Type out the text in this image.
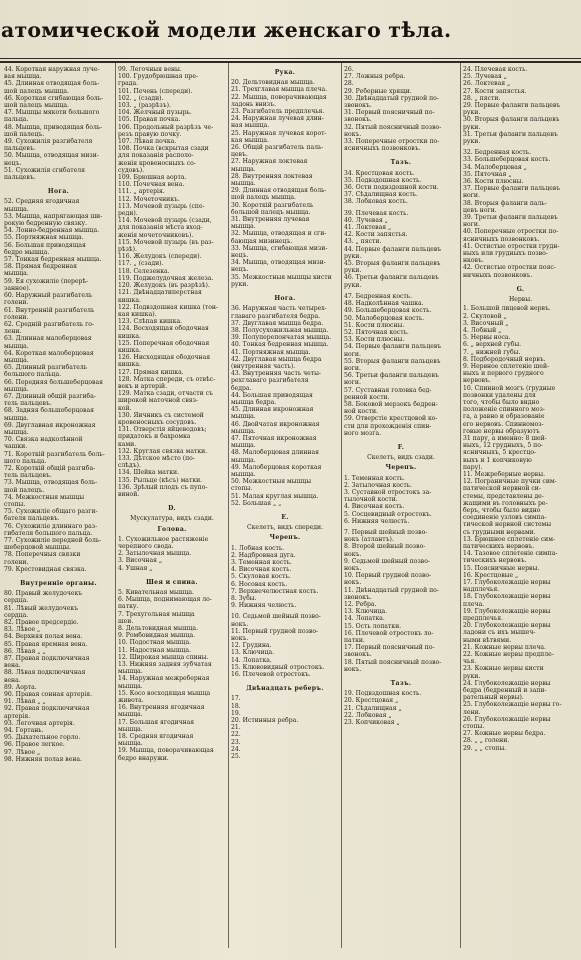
атомической модели женскаго тѣла.
44. Короткая наружная луче-
вая мышца.
45. Длинная отводящая боль-
шой палецъ мышца.
46. Короткая сгибающая боль-
шой палецъ мышца.
47. Мышцы мякоти большого
пальца.
48. Мышца, приводящая боль-
шой палецъ.
49. Сухожилія разгибателя
пальцевъ.
50. Мышца, отводящая мизи-
нецъ.
51. Сухожилія сгибателя
пальцевъ.
Нога.
52. Средняя ягодичная
мышца.
53. Мышца, напрягающая ши-
рокую бедренную связку.
54. Лонно-бедренная мышца.
55. Портняжная мышца.
56. Большая приводящая
бедро мышца.
57. Тонкая бедренная мышца.
58. Прямая бедренная
мышца.
59. Ея сухожиліе (перерѣ-
занное).
60. Наружный разгибатель
голени.
61. Внутренній разгибатель
голени.
62. Средній разгибатель го-
лени.
63. Длинная малоберцовая
мышца.
64. Короткая малоберцовая
мышца.
65. Длинный разгибатель
большого пальца.
66. Передняя большеберцовая
мышца.
67. Длинный общій разгиба-
тель пальцевъ.
68. Задняя большеберцовая
мышца.
69. Двуглавная икроножная
мышца.
70. Связка надколѣнной
чашки.
71. Короткій разгибатель боль-
шого пальца.
72. Короткій общій разгиба-
тель пальцевъ.
73. Мышца, отводящая боль-
шой палецъ.
74. Межкостныя мышцы
стопы.
75. Сухожиліе общаго разги-
бателя пальцевъ.
76. Сухожиліе длиннаго раз-
гибателя большого пальца.
77. Сухожиліе передней боль-
шеберцовой мышцы.
78. Поперечныя связки
голени.
79. Крестовидная связка.
Внутренніе органы.
80. Правый желудочекъ
сердца.
81. Лѣвый желудочекъ
сердца.
82. Правое предсердіе.
83. Лѣвое „
84. Верхняя полая вена.
85. Правая ярємная вена.
86. Лѣвая „ „
87. Правая подключичная
вена.
88. Лѣвая подключичная
вена.
89. Аорта.
90. Правая сонная артерія.
91. Лѣвая „ „
92. Правая подключичная
артерія.
93. Легочная артерія.
94. Гортань.
95. Дыхательное горло.
96. Правое легкое.
97. Лѣвое „
98. Нижняя полая вена.
99. Легочныя вены.
100. Грудобрюшная пре-
града.
101. Печень (спереди).
102. „ (сзади).
103. „ (разрѣзъ).
104. Желчный пузырь.
105. Правая почка.
106. Продольный разрѣзъ че-
резъ правую почку.
107. Лѣвая почка.
108. Почка (вскрытая сзади
для показанія располо-
женія кровеносныхъ со-
судовъ).
109. Брюшная аорта.
110. Почечная вена.
111. „ артерія.
112. Мочеточникъ.
113. Мочевой пузырь (спе-
реди).
114. Мочевой пузырь (сзади,
для показанія мѣста вход-
женія мочеточниковъ).
115. Мочевой пузырь (въ раз-
рѣзѣ).
116. Желудокъ (спереди).
117. „ (сзади).
118. Селезенка.
119. Поджелудочная железа.
120. Желудокъ (въ разрѣзѣ).
121. Двѣнадцатиперстная
кишка.
122. Подвздошная кишка (тон-
кая кишка).
123. Слѣпая кишка.
124. Восходящая ободочная
кишка.
125. Поперечная ободочная
кишка.
126. Нисходящая ободочная
кишка.
127. Прямая кишка.
128. Матка спереди, съ отвѣс-
векъ и артерій.
129. Матка сзади, отчасти съ
широкой маточной связ-
кой.
130. Яичникъ съ системой
кровеносныхъ сосудовъ.
131. Отверстія яйцеводовъ;
придатокъ и бахромка
ками.
132. Круглая связка матки.
133. Дѣтское мѣсто (по-
слѣдъ).
134. Шейка матки.
135. Рыльце (кѣсъ) матки.
136. Зрѣлый плодъ съ пупо-
виной.
D.
Мускулатура, видъ сзади.
Голова.
1. Сухожильное растяженіе
черепного свода.
2. Затылочная мышца.
3. Височная „
4. Ушная „
Шея и спина.
5. Кивательная мышца.
6. Мышца, поднимающая ло-
патку.
7. Трехугольная мышца
шеи.
8. Дельтовидная мышца.
9. Ромбовидная мышца.
10. Подостная мышца.
11. Надостная мышца.
12. Широкая мышца спины.
13. Нижняя задняя зубчатая
мышца.
14. Наружная межреберная
мышца.
15. Косо восходящая мышца
живота.
16. Внутренняя ягодичная
мышца.
17. Большая ягодичная
мышца.
18. Средняя ягодичная
мышца.
19. Мышца, поворачивающая
бедро внаружи.
Рука.
20. Дельтовидная мышца.
21. Трехглавая мышца плеча.
22. Мышца, поворачивающая
ладонь внизъ.
23. Разгибатель предплечья.
24. Наружная лучевая длин-
ная мышца.
25. Наружная лучевая корот-
кая мышца.
26. Общій разгибатель паль-
цевъ.
27. Наружная локтевая
мышца.
28. Внутренняя локтевая
мышца.
29. Длинная отводящая боль-
шой палецъ мышца.
30. Короткій разгибатель
большой палецъ мышца.
31. Внутренняя лучевая
мышца.
32. Мышца, отводящая и сги-
бающая мизинецъ.
33. Мышца, сгибающая мизи-
нецъ.
34. Мышца, отводящая мизи-
нецъ.
35. Межкостныя мышцы кисти
руки.
Нога.
36. Наружная часть четырех-
главаго разгибателя бедра.
37. Двуглавая мышца бедра.
38. Полусухожильная мышца.
39. Полуперепончатая мышца.
40. Тонкая бедренная мышца.
41. Портняжная мышца.
42. Двуглавая мышца бедра
(внутренняя часть).
43. Внутренняя часть четы-
рехглаваго разгибателя
бедра.
44. Большая приводящая
мышца бедра.
45. Длинная икроножная
мышца.
46. Двойчатая икроножная
мышца.
47. Пяточная икроножная
мышца.
48. Малоберцовая длинная
мышца.
49. Малоберцовая короткая
мышца.
50. Межкостныя мышцы
стопы.
51. Малая круглая мышца.
52. Большая „ „
E.
Скелетъ, видъ спереди.
Черепъ.
1. Лобная кость.
2. Надбровная дуга.
3. Теменная кость.
4. Височная кость.
5. Скуловая кость.
6. Носовая кость.
7. Верхнечелюстная кость.
8. Зубы.
9. Нижняя челюсть.
10. Седьмой шейный позво-
нокъ.
11. Первый грудной позво-
нокъ.
12. Грудина.
13. Ключица.
14. Лопатка.
15. Клювовидный отростокъ.
16. Плечевой отростокъ.
Двѣнадцать реберъ.
17.
18.
19.
20. Истинныя ребра.
21.
22.
23.
24.
25.
26.
27. Ложныя ребра.
28.
29. Реберные хрящи.
30. Двѣнадцатый грудной по-
звонокъ.
31. Первый поясничный по-
звонокъ.
32. Пятый поясничный позво-
нокъ.
33. Поперечные отростки по-
ясничныхъ позвонковъ.
Тазъ.
34. Крестцовая кость.
35. Подвздошная кость.
36. Ости подвздошной кости.
37. Сѣдалищная кость.
38. Лобковая кость.
39. Плечевая кость.
40. Лучевая „
41. Локтевая „
42. Кости запястья.
43. „ пясти.
44. Первые фаланги пальцевъ
руки.
45. Вторыя фаланги пальцевъ
руки.
46. Третьи фаланги пальцевъ
руки.
47. Бедренная кость.
48. Надколѣнная чашка.
49. Большеберцовая кость.
50. Малоберцовая кость.
51. Кости плюсны.
52. Пяточная кость.
53. Кости плюсны.
54. Первые фаланги пальцевъ
ноги.
55. Вторыя фаланги пальцевъ
ноги.
56. Третьи фаланги пальцевъ
ноги.
57. Суставная головка бед-
ренной кости.
58. Боковой мерзокъ бедрен-
ной кости.
59. Отверстіе крестцовой ко-
сти для прохожденія спин-
ного мозга.
F.
Скелетъ, видъ сзади.
Черепъ.
1. Теменная кость.
2. Затылочная кость.
3. Суставной отростокъ за-
тылочной кости.
4. Височная кость.
5. Сосцевидный отростокъ.
6. Нижняя челюсть.
7. Первый шейный позво-
нокъ (атлантъ).
8. Второй шейный позво-
нокъ.
9. Седьмой шейный позво-
нокъ.
10. Первый грудной позво-
нокъ.
11. Двѣнадцатый грудной по-
звонокъ.
12. Ребра.
13. Ключица.
14. Лопатка.
15. Ость лопатки.
16. Плечевой отростокъ ло-
патки.
17. Первый поясничный по-
звонокъ.
18. Пятый поясничный позво-
нокъ.
Тазъ.
19. Подвздошная кость.
20. Крестцовая „
21. Сѣдалищная „
22. Лобковая „
23. Копчиковая „
24. Плечевая кость.
25. Лучевая „
26. Локтевая „
27. Кости запястья.
28. „ пясти.
29. Первые фаланги пальцевъ
руки.
30. Вторыя фаланги пальцевъ
руки.
31. Третьи фаланги пальцевъ
руки.
32. Бедренная кость.
33. Большеберцовая кость.
34. Малоберцовая „
35. Пяточная „
36. Кости плюсны.
37. Первые фаланги пальцевъ
ноги.
38. Вторыя фаланги паль-
цевъ ноги.
39. Третьи фаланги пальцевъ
ноги.
40. Поперечные отростки по-
ясничныхъ позвонковъ.
41. Остистые отростки грудн-
ныхъ или грудныхъ позво-
нковъ.
42. Остистые отростки пояс-
ничныхъ позвонковъ.
G.
Нервы.
1. Большой лицевой нервъ.
2. Скуловой „
3. Височный „
4. Лобный „
5. Нервы носа.
6. „ верхней губы.
7. „ нижней губы.
8. Подбородочный нервъ.
9. Нервное сплетеніе шей-
ныхъ и первого грудного
нервовъ.
10. Спинной мозгъ (грудные
позвонки удалены для
того, чтобы было видно
положеніе спинного моз-
га, а равно и образованіе
его нервовъ. Спинномоз-
говые нервы образуютъ
31 пару, а именно: 8 шей-
ныхъ, 12 грудныхъ, 5 по-
ясничныхъ, 5 крестцо-
выхъ и 1 копчиковую
пару).
11. Межреберные нервы.
12. Пограничные пучки сим-
патической нервной си-
стемы, представлены де-
жащими въ головныхъ ре-
беръ, чтобы было видно
соединеніе узловъ симпа-
тической нервной системы
съ грудными нервами.
13. Брюшное сплетеніе сим-
патическихъ нервовъ.
14. Тазовое сплетеніе симпа-
тическихъ нервовъ.
15. Поясничные нервы.
16. Крестцовые „
17. Глубоколежащіе нервы
надплечья.
18. Глубоколежащіе нервы
плеча.
19. Глубоколежащіе нервы
предплечья.
20. Глубоколежащіе нервы
ладони съ ихъ мышеч-
ными вѣтвями.
21. Кожные нервы плеча.
22. Кожные нервы предпле-
чья.
23. Кожные нервы кисти
руки.
24. Глубоколежащіе нервы
бедра (бедренный и запи-
рательный нервы).
25. Глубоколежащіе нервы го-
лени.
26. Глубоколежащіе нервы
стопы.
27. Кожные нервы бедра.
28. „ „ голени.
29. „ „ стопы.
